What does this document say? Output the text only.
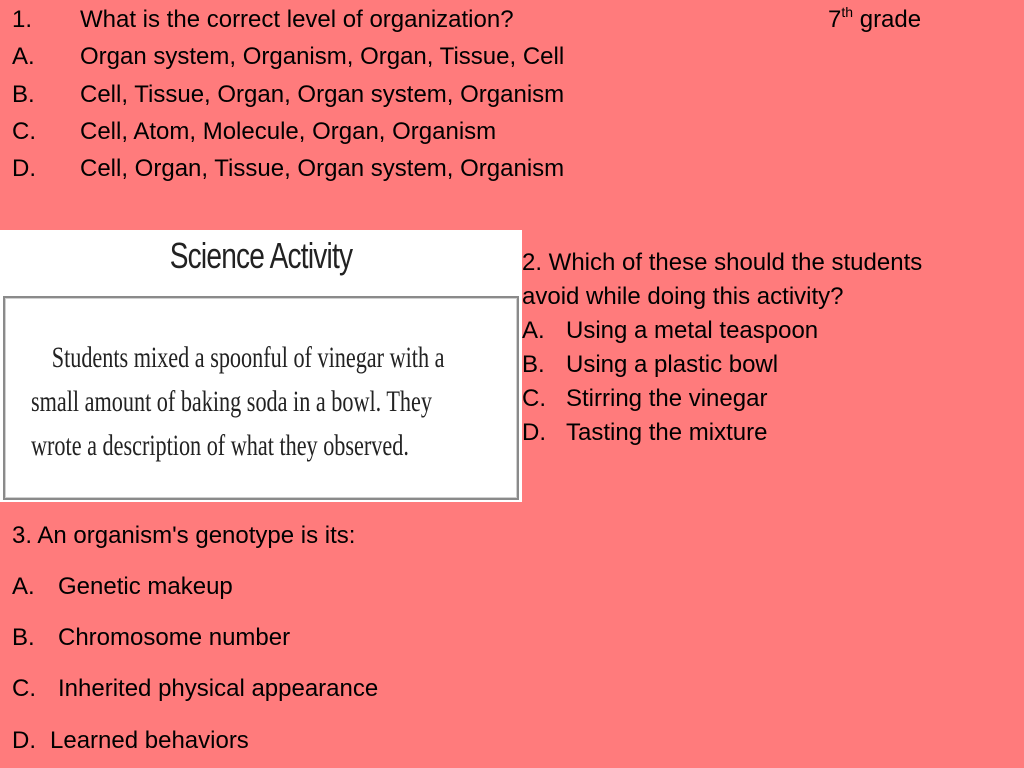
1. What is the correct level of organization?	7th grade
A. Organ system, Organism, Organ, Tissue, Cell
B. Cell, Tissue, Organ, Organ system, Organism
C. Cell, Atom, Molecule, Organ, Organism
D. Cell, Organ, Tissue, Organ system, Organism
Science Activity
Students mixed a spoonful of vinegar with a small amount of baking soda in a bowl. They wrote a description of what they observed.
2. Which of these should the students
avoid while doing this activity?
A. Using a metal teaspoon
B. Using a plastic bowl
C. Stirring the vinegar
D. Tasting the mixture
3. An organism's genotype is its:
A. Genetic makeup
B. Chromosome number
C. Inherited physical appearance
D. Learned behaviors
